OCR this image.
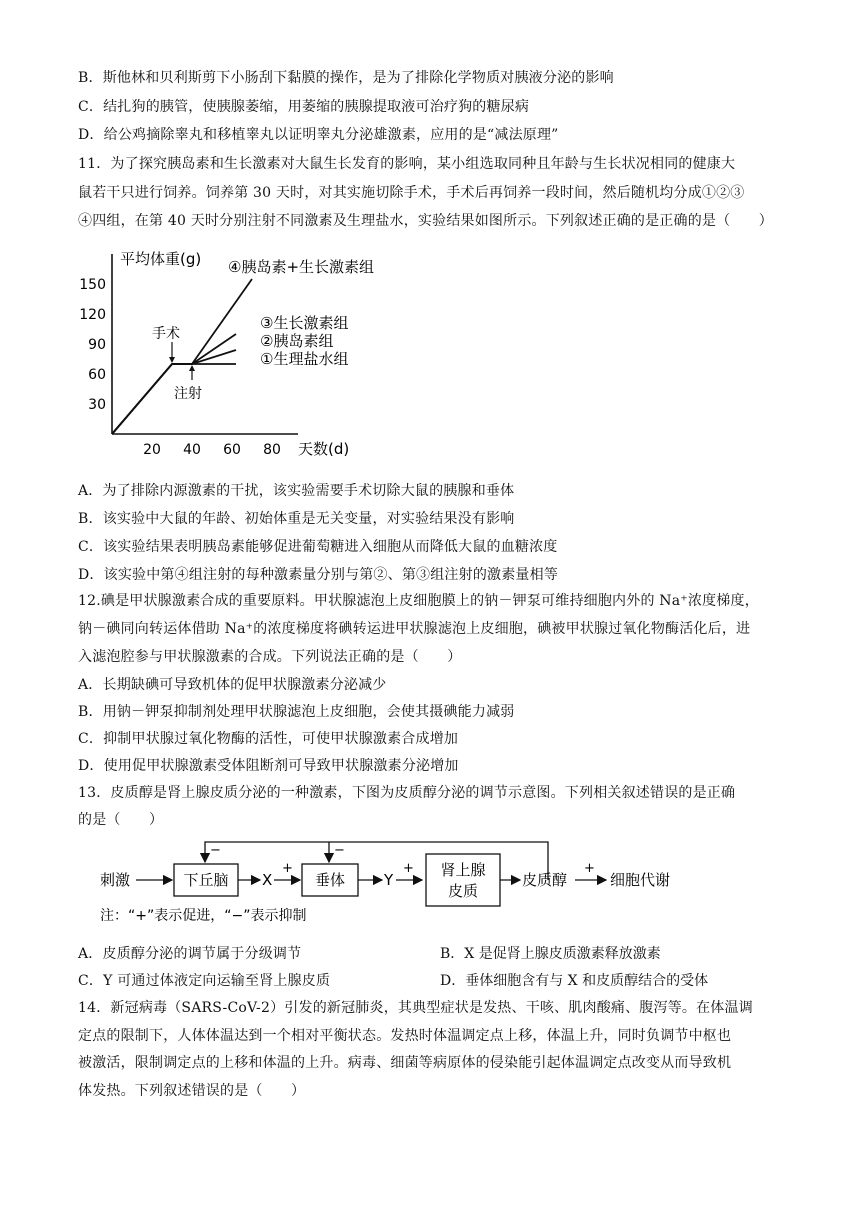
B．斯他林和贝利斯剪下小肠刮下黏膜的操作，是为了排除化学物质对胰液分泌的影响
C．结扎狗的胰管，使胰腺萎缩，用萎缩的胰腺提取液可治疗狗的糖尿病
D．给公鸡摘除睾丸和移植睾丸以证明睾丸分泌雄激素，应用的是“减法原理”
11．为了探究胰岛素和生长激素对大鼠生长发育的影响，某小组选取同种且年龄与生长状况相同的健康大
鼠若干只进行饲养。饲养第 30 天时，对其实施切除手术，手术后再饲养一段时间，然后随机均分成①②③
④四组，在第 40 天时分别注射不同激素及生理盐水，实验结果如图所示。下列叙述正确的是正确的是（　　）
30
60
90
120
150
20 40 60 80
平均体重(g)
天数(d)
④胰岛素+生长激素组
③生长激素组
②胰岛素组
①生理盐水组
手术
注射
A．为了排除内源激素的干扰，该实验需要手术切除大鼠的胰腺和垂体
B．该实验中大鼠的年龄、初始体重是无关变量，对实验结果没有影响
C．该实验结果表明胰岛素能够促进葡萄糖进入细胞从而降低大鼠的血糖浓度
D．该实验中第④组注射的每种激素量分别与第②、第③组注射的激素量相等
12.碘是甲状腺激素合成的重要原料。甲状腺滤泡上皮细胞膜上的钠－钾泵可维持细胞内外的 Na⁺浓度梯度，
钠－碘同向转运体借助 Na⁺的浓度梯度将碘转运进甲状腺滤泡上皮细胞，碘被甲状腺过氧化物酶活化后，进
入滤泡腔参与甲状腺激素的合成。下列说法正确的是（　　）
A．长期缺碘可导致机体的促甲状腺激素分泌减少
B．用钠－钾泵抑制剂处理甲状腺滤泡上皮细胞，会使其摄碘能力减弱
C．抑制甲状腺过氧化物酶的活性，可使甲状腺激素合成增加
D．使用促甲状腺激素受体阻断剂可导致甲状腺激素分泌增加
13．皮质醇是肾上腺皮质分泌的一种激素，下图为皮质醇分泌的调节示意图。下列相关叙述错误的是正确
的是（　　）
−	−
刺激	下丘脑 X
+
垂体	Y
+ 肾上腺
皮质
皮质醇
+
细胞代谢
注：“+”表示促进，“−”表示抑制
A．皮质醇分泌的调节属于分级调节	B．X 是促肾上腺皮质激素释放激素
C．Y 可通过体液定向运输至肾上腺皮质	D．垂体细胞含有与 X 和皮质醇结合的受体
14．新冠病毒（SARS-CoV-2）引发的新冠肺炎，其典型症状是发热、干咳、肌肉酸痛、腹泻等。在体温调
定点的限制下，人体体温达到一个相对平衡状态。发热时体温调定点上移，体温上升，同时负调节中枢也
被激活，限制调定点的上移和体温的上升。病毒、细菌等病原体的侵染能引起体温调定点改变从而导致机
体发热。下列叙述错误的是（　　）
